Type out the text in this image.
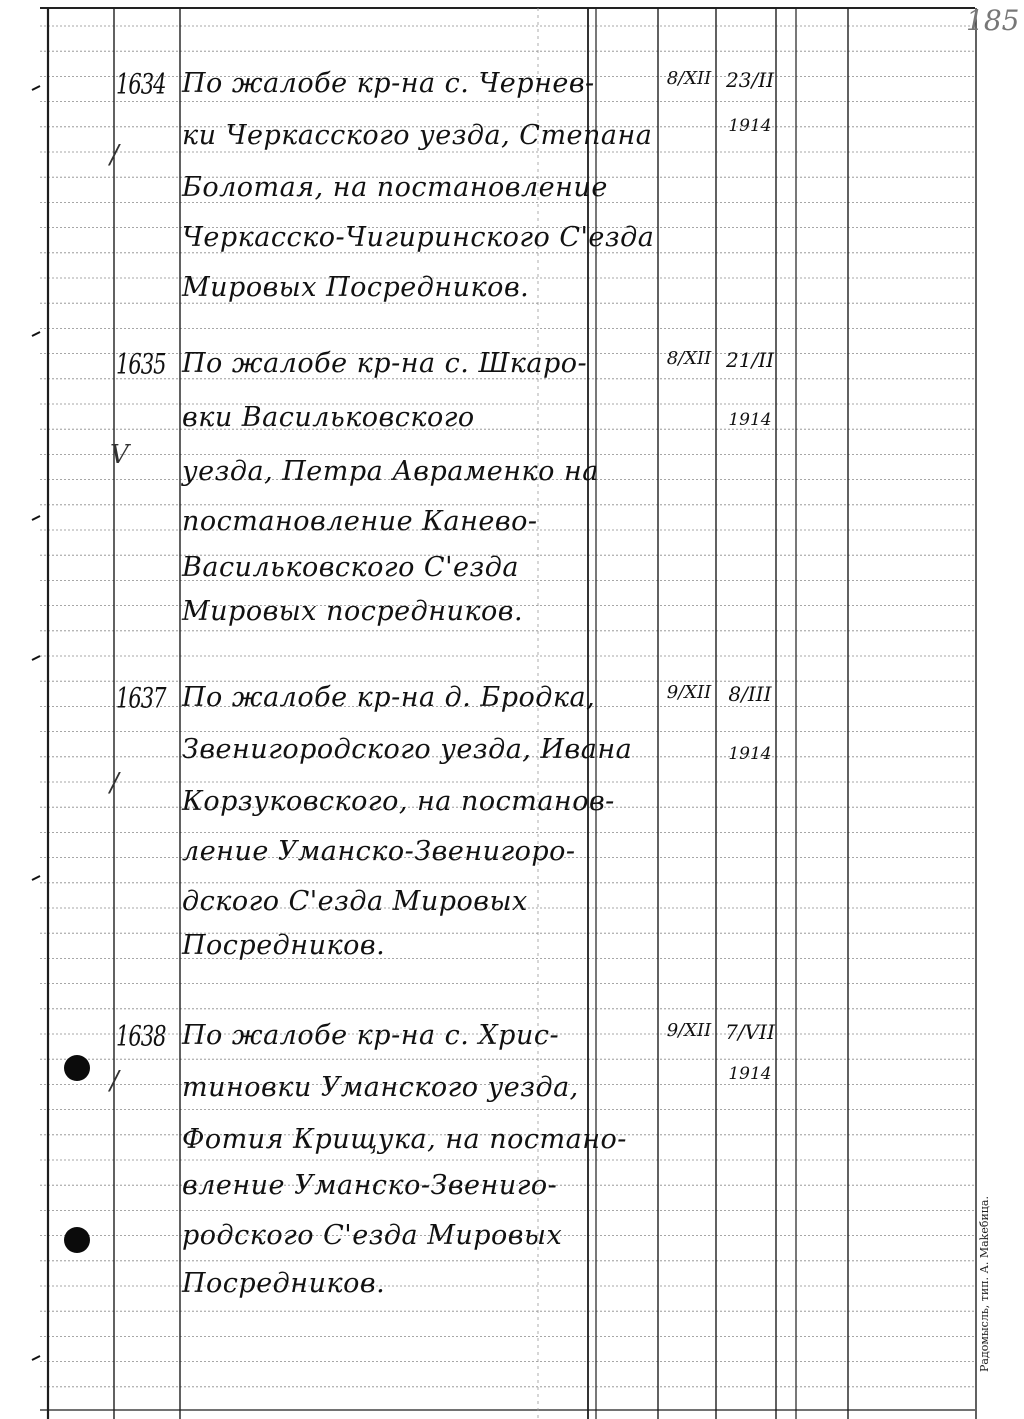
185
Радомысль, тип. А. Маkeбица.
1634 По жалобе кр-на с. Чернев-
ки Черкасского уезда, Степана
Болотая, на постановление
Черкасско-Чигиринского С'езда
Мировых Посредников.
8/XII 23/II
1914
/
1635 По жалобе кр-на с. Шкаро-
вки Васильковского
уезда, Петра Авраменко на
постановление Канево-
Васильковского С'езда
Мировых посредников.
8/XII 21/II
1914
V
1637 По жалобе кр-на д. Бродка,
Звенигородского уезда, Ивана
Корзуковского, на постанов-
ление Уманско-Звенигоро-
дского С'езда Мировых
Посредников.
9/XII 8/III
1914
/
1638 По жалобе кр-на с. Хрис-
тиновки Уманского уезда,
Фотия Крищука, на постано-
вление Уманско-Звениго-
родского С'езда Мировых
Посредников.
9/XII 7/VII
1914
/
